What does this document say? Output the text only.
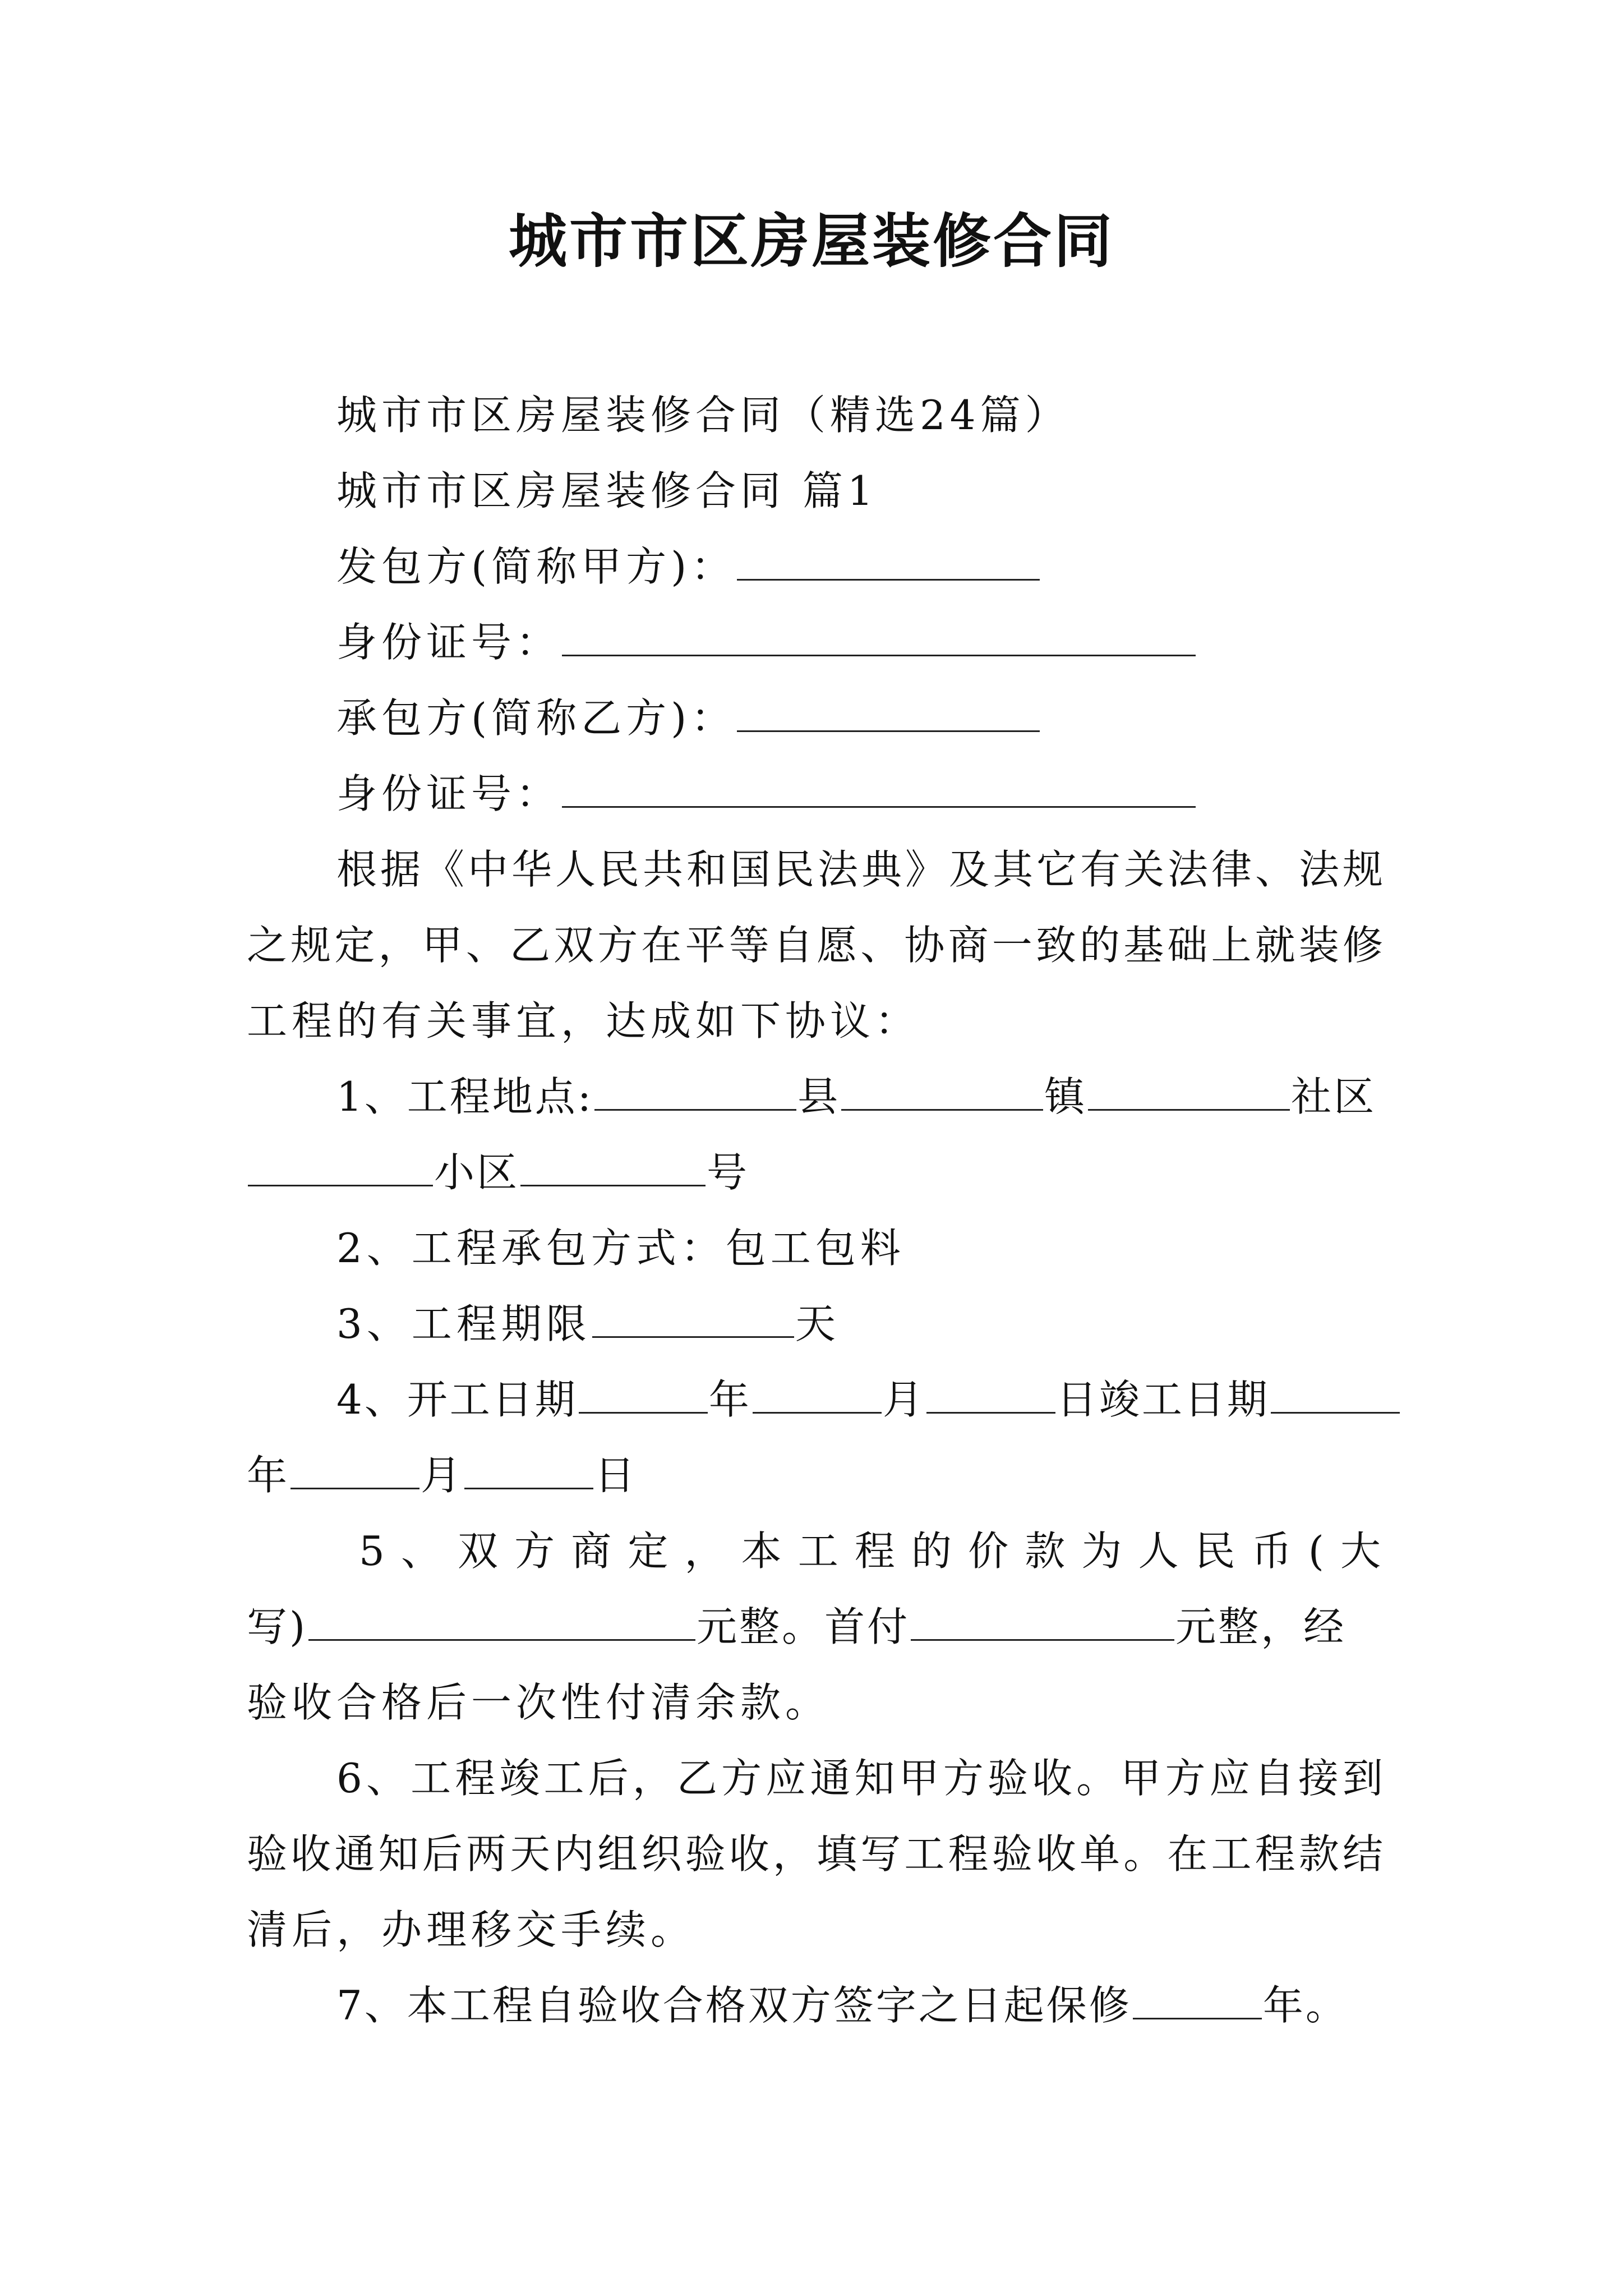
城市市区房屋装修合同
城市市区房屋装修合同（精选24篇）
城市市区房屋装修合同 篇1
发包方(简称甲方)：
身份证号：
承包方(简称乙方)：
身份证号：
根据《中华人民共和国民法典》及其它有关法律、法规
之规定，甲、乙双方在平等自愿、协商一致的基础上就装修
工程的有关事宜，达成如下协议：
1、工程地点:	县	镇	社区
小区	号
2、工程承包方式：包工包料
3、工程期限	天
4、开工日期	年	月	日竣工日期
年	月	日
5、双方商定，本工程的价款为人民币(大
写)	元整。首付	元整，经
验收合格后一次性付清余款。
6、工程竣工后，乙方应通知甲方验收。甲方应自接到
验收通知后两天内组织验收，填写工程验收单。在工程款结
清后，办理移交手续。
7、本工程自验收合格双方签字之日起保修	年。
